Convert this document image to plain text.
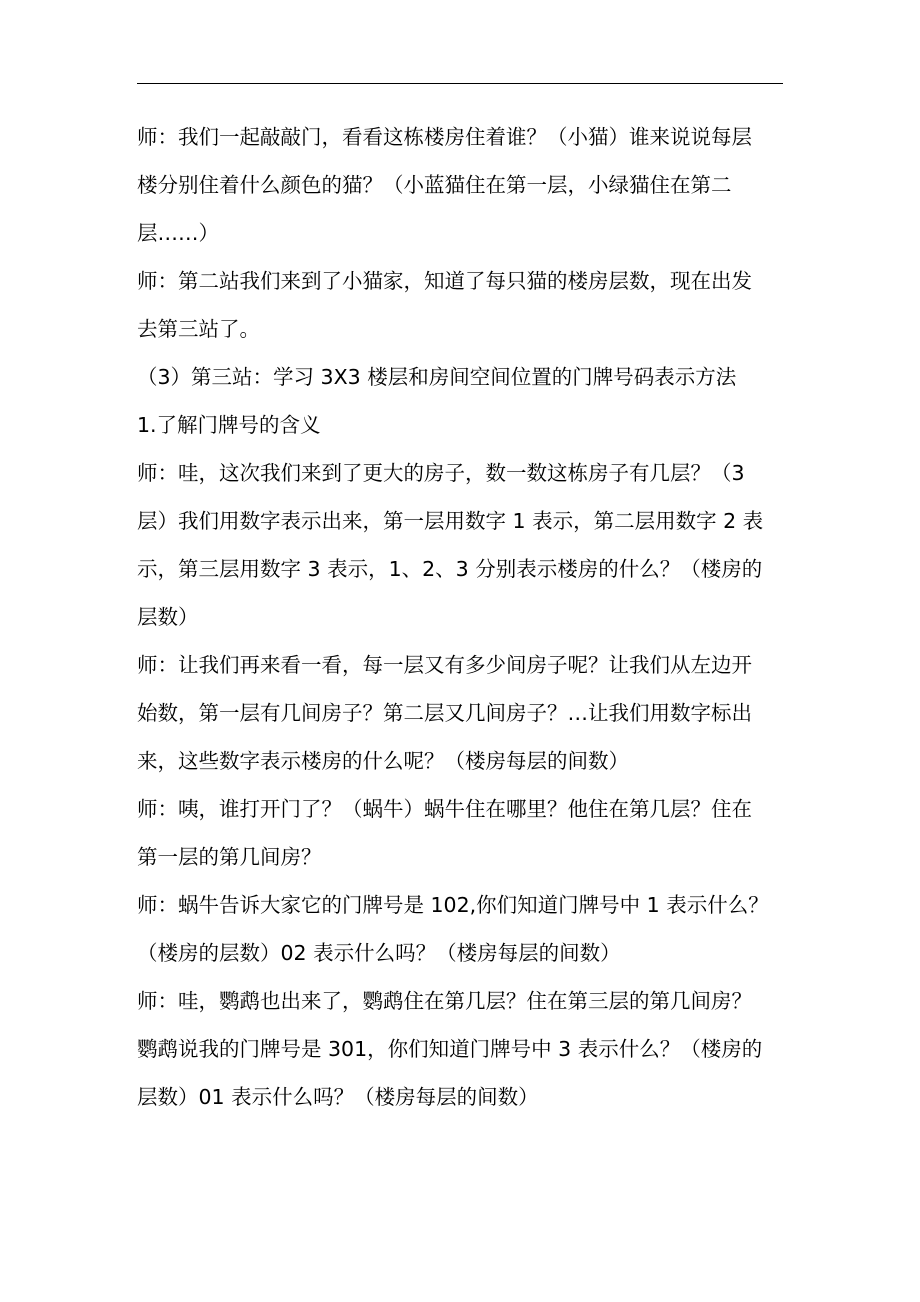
师：我们一起敲敲门，看看这栋楼房住着谁？（小猫）谁来说说每层
楼分别住着什么颜色的猫？（小蓝猫住在第一层，小绿猫住在第二
层……）
师：第二站我们来到了小猫家，知道了每只猫的楼房层数，现在出发
去第三站了。
（3）第三站：学习 3X3 楼层和房间空间位置的门牌号码表示方法
1.了解门牌号的含义
师：哇，这次我们来到了更大的房子，数一数这栋房子有几层？（3
层）我们用数字表示出来，第一层用数字 1 表示，第二层用数字 2 表
示，第三层用数字 3 表示，1、2、3 分别表示楼房的什么？（楼房的
层数）
师：让我们再来看一看，每一层又有多少间房子呢？让我们从左边开
始数，第一层有几间房子？第二层又几间房子？…让我们用数字标出
来，这些数字表示楼房的什么呢？（楼房每层的间数）
师：咦，谁打开门了？（蜗牛）蜗牛住在哪里？他住在第几层？住在
第一层的第几间房？
师：蜗牛告诉大家它的门牌号是 102,你们知道门牌号中 1 表示什么？
（楼房的层数）02 表示什么吗？（楼房每层的间数）
师：哇，鹦鹉也出来了，鹦鹉住在第几层？住在第三层的第几间房？
鹦鹉说我的门牌号是 301，你们知道门牌号中 3 表示什么？（楼房的
层数）01 表示什么吗？（楼房每层的间数）
